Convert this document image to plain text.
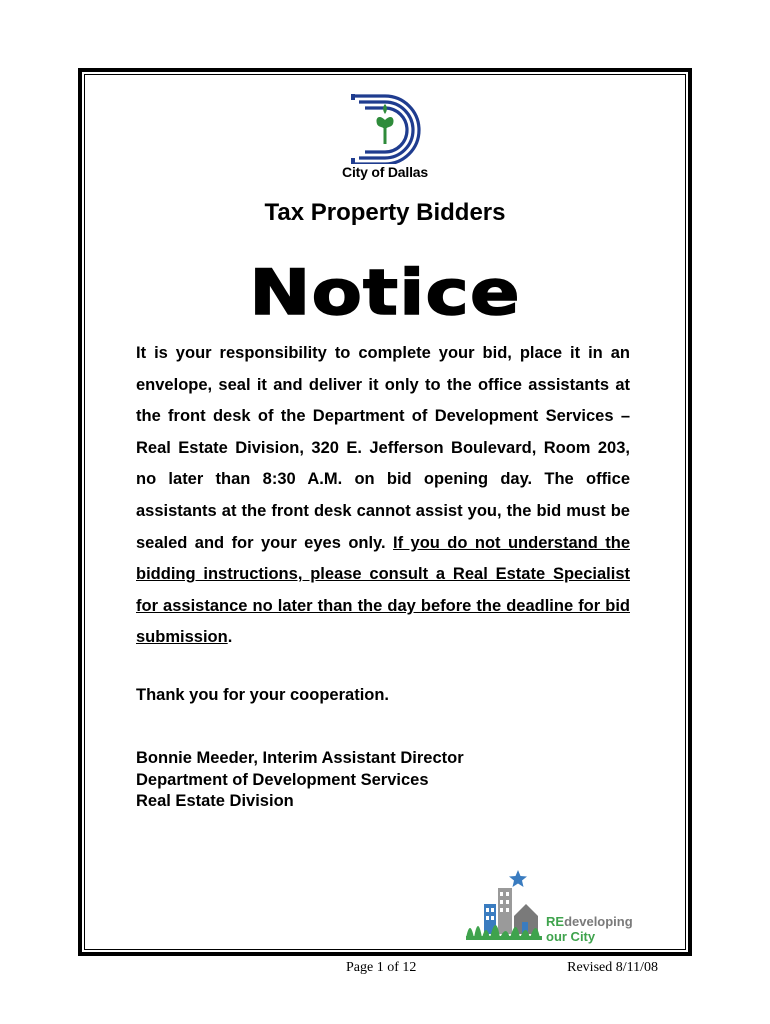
City of Dallas
Tax Property Bidders
Notice

It is your responsibility to complete your bid, place it in an envelope, seal it and deliver it only to the office assistants at the front desk of the Department of Development Services – Real Estate Division, 320 E. Jefferson Boulevard, Room 203, no later than 8:30 A.M. on bid opening day. The office assistants at the front desk cannot assist you, the bid must be sealed and for your eyes only. If you do not understand the bidding instructions, please consult a Real Estate Specialist for assistance no later than the day before the deadline for bid submission.

Thank you for your cooperation.

Bonnie Meeder, Interim Assistant Director
Department of Development Services
Real Estate Division
REdeveloping
our City
Page 1 of 12	Revised 8/11/08
